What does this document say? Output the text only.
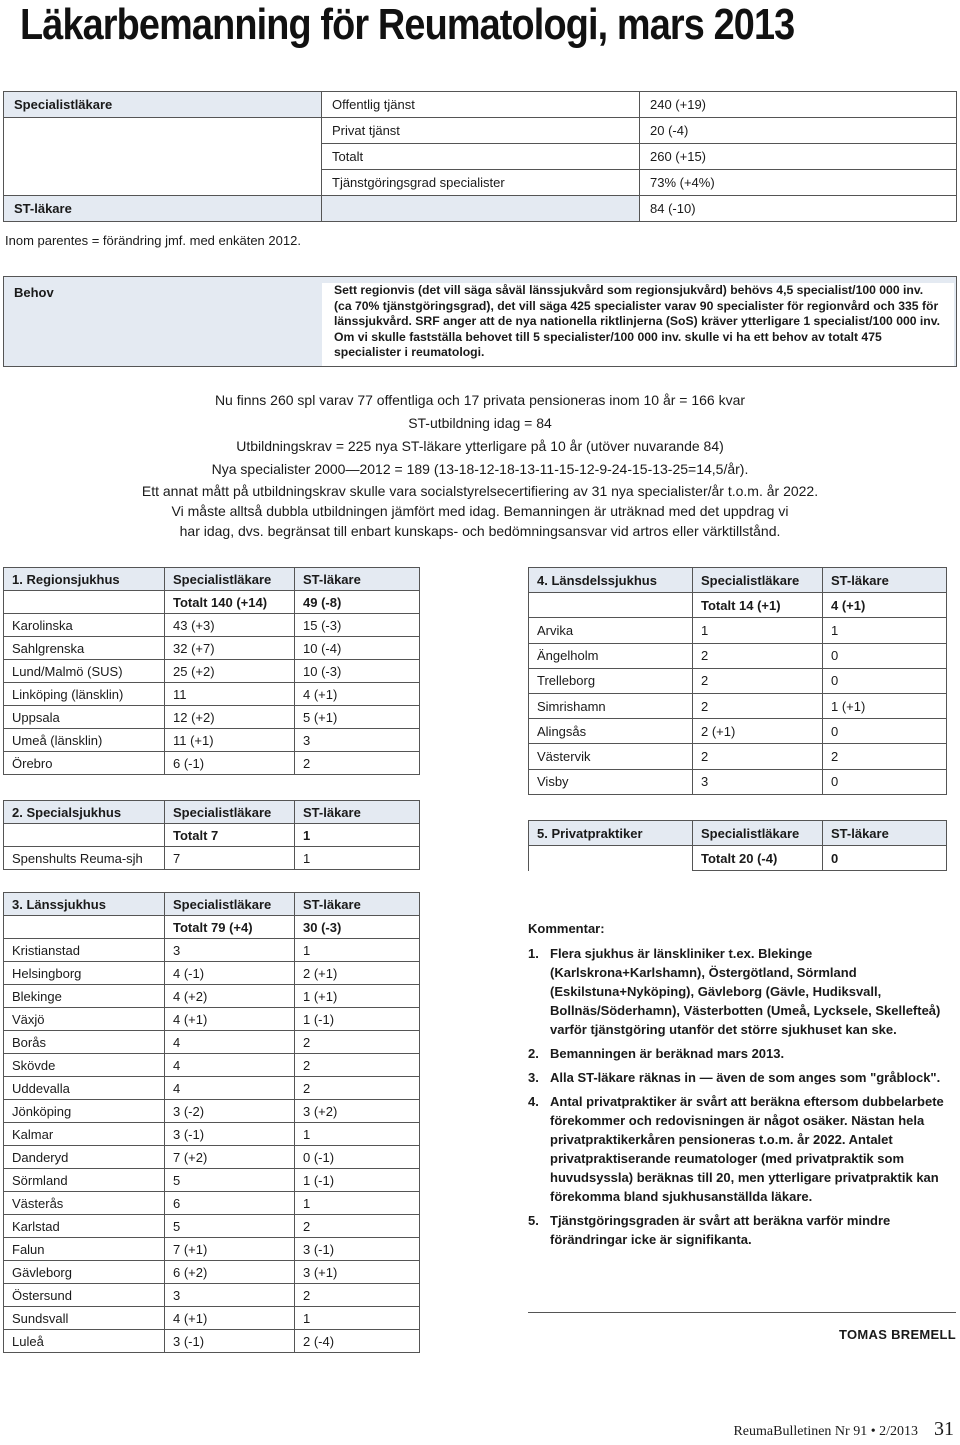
Läkarbemanning för Reumatologi, mars 2013
Specialistläkare	Offentlig tjänst	240 (+19)
	Privat tjänst	20 (-4)
	Totalt	260 (+15)
	Tjänstgöringsgrad specialister	73% (+4%)
ST-läkare		84 (-10)
Inom parentes = förändring jmf. med enkäten 2012.
Behov	Sett regionvis (det vill säga såväl länssjukvård som regionsjukvård) behövs 4,5 specialist/100 000 inv. (ca 70% tjänstgöringsgrad), det vill säga 425 specialister varav 90 specialister för regionvård och 335 för länssjukvård. SRF anger att de nya nationella riktlinjerna (SoS) kräver ytterligare 1 specialist/100 000 inv. Om vi skulle fastställa behovet till 5 specialister/100 000 inv. skulle vi ha ett behov av totalt 475 specialister i reumatologi.
Nu finns 260 spl varav 77 offentliga och 17 privata pensioneras inom 10 år = 166 kvar
ST-utbildning idag = 84
Utbildningskrav = 225 nya ST-läkare ytterligare på 10 år (utöver nuvarande 84)
Nya specialister 2000—2012 = 189 (13-18-12-18-13-11-15-12-9-24-15-13-25=14,5/år).
Ett annat mått på utbildningskrav skulle vara socialstyrelsecertifiering av 31 nya specialister/år t.o.m. år 2022.
Vi måste alltså dubbla utbildningen jämfört med idag. Bemanningen är uträknad med det uppdrag vi
har idag, dvs. begränsat till enbart kunskaps- och bedömningsansvar vid artros eller värktillstånd.
1. Regionsjukhus	Specialistläkare	ST-läkare
	Totalt 140 (+14)	49 (-8)
Karolinska	43 (+3)	15 (-3)
Sahlgrenska	32 (+7)	10 (-4)
Lund/Malmö (SUS)	25 (+2)	10 (-3)
Linköping (länsklin)	11	4 (+1)
Uppsala	12 (+2)	5 (+1)
Umeå (länsklin)	11 (+1)	3
Örebro	6 (-1)	2
2. Specialsjukhus	Specialistläkare	ST-läkare
	Totalt 7	1
Spenshults Reuma-sjh	7	1
3. Länssjukhus	Specialistläkare	ST-läkare
	Totalt 79 (+4)	30 (-3)
Kristianstad	3	1
Helsingborg	4 (-1)	2 (+1)
Blekinge	4 (+2)	1 (+1)
Växjö	4 (+1)	1 (-1)
Borås	4	2
Skövde	4	2
Uddevalla	4	2
Jönköping	3 (-2)	3 (+2)
Kalmar	3 (-1)	1
Danderyd	7 (+2)	0 (-1)
Sörmland	5	1 (-1)
Västerås	6	1
Karlstad	5	2
Falun	7 (+1)	3 (-1)
Gävleborg	6 (+2)	3 (+1)
Östersund	3	2
Sundsvall	4 (+1)	1
Luleå	3 (-1)	2 (-4)
4. Länsdelssjukhus	Specialistläkare	ST-läkare
	Totalt 14 (+1)	4 (+1)
Arvika	1	1
Ängelholm	2	0
Trelleborg	2	0
Simrishamn	2	1 (+1)
Alingsås	2 (+1)	0
Västervik	2	2
Visby	3	0
5. Privatpraktiker	Specialistläkare	ST-läkare
	Totalt 20 (-4)	0
Kommentar:
1. Flera sjukhus är länskliniker t.ex. Blekinge (Karlskrona+Karlshamn), Östergötland, Sörmland (Eskilstuna+Nyköping), Gävleborg (Gävle, Hudiksvall, Bollnäs/Söderhamn), Västerbotten (Umeå, Lycksele, Skellefteå) varför tjänstgöring utanför det större sjukhuset kan ske.
2. Bemanningen är beräknad mars 2013.
3. Alla ST-läkare räknas in — även de som anges som "gråblock".
4. Antal privatpraktiker är svårt att beräkna eftersom dubbelarbete förekommer och redovisningen är något osäker. Nästan hela privatpraktikerkåren pensioneras t.o.m. år 2022. Antalet privatpraktiserande reumatologer (med privatpraktik som huvudsyssla) beräknas till 20, men ytterligare privatpraktik kan förekomma bland sjukhusanställda läkare.
5. Tjänstgöringsgraden är svårt att beräkna varför mindre förändringar icke är signifikanta.
TOMAS BREMELL
ReumaBulletinen Nr 91 • 2/2013 31
